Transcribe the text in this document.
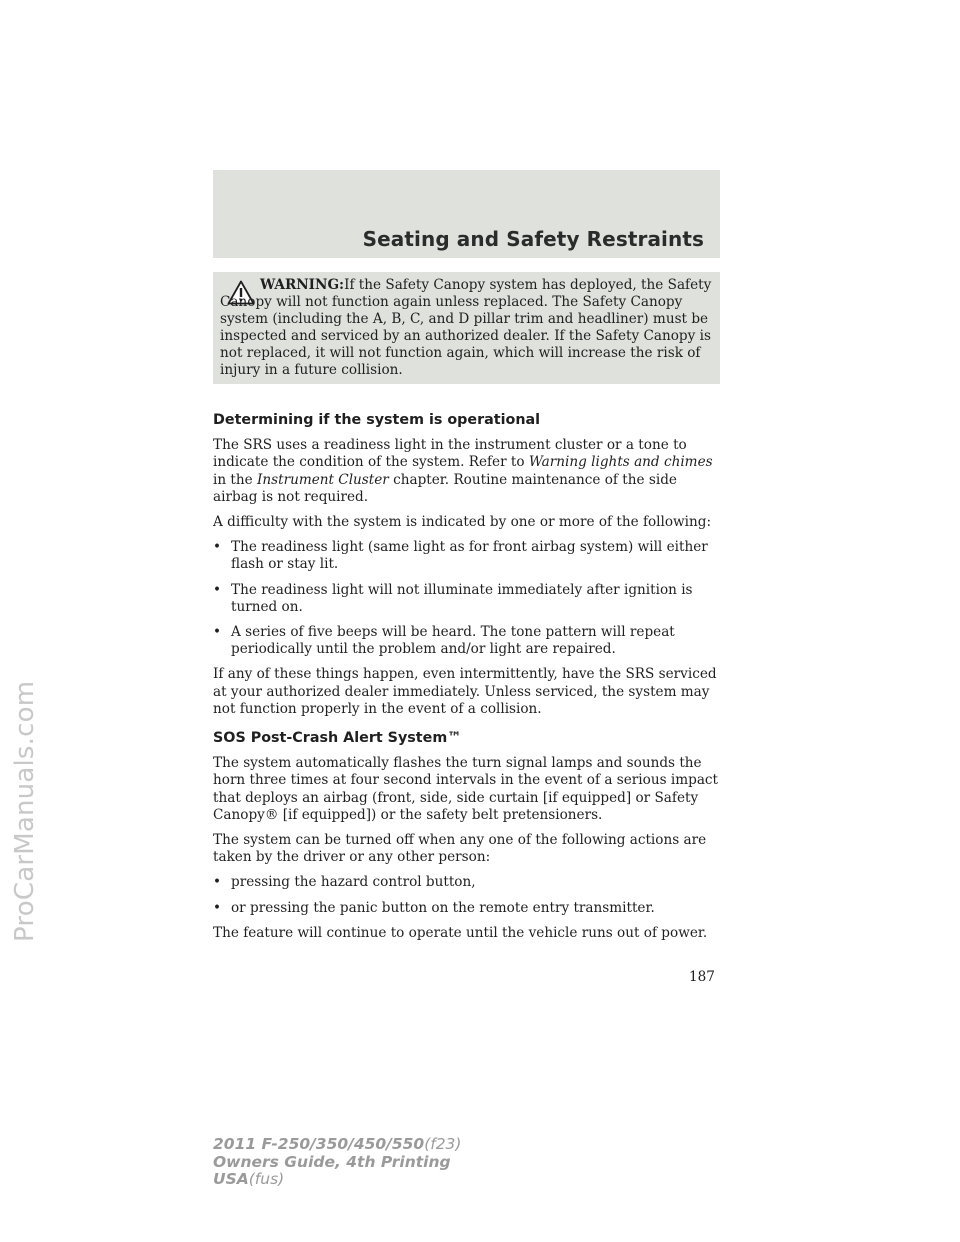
Seating and Safety Restraints
WARNING:If the Safety Canopy system has deployed, the Safety Canopy will not function again unless replaced. The Safety Canopy system (including the A, B, C, and D pillar trim and headliner) must be inspected and serviced by an authorized dealer. If the Safety Canopy is not replaced, it will not function again, which will increase the risk of injury in a future collision.
Determining if the system is operational

The SRS uses a readiness light in the instrument cluster or a tone to indicate the condition of the system. Refer to Warning lights and chimes in the Instrument Cluster chapter. Routine maintenance of the side airbag is not required.

A difficulty with the system is indicated by one or more of the following:

• The readiness light (same light as for front airbag system) will either flash or stay lit.
• The readiness light will not illuminate immediately after ignition is turned on.
• A series of five beeps will be heard. The tone pattern will repeat periodically until the problem and/or light are repaired.

If any of these things happen, even intermittently, have the SRS serviced at your authorized dealer immediately. Unless serviced, the system may not function properly in the event of a collision.

SOS Post-Crash Alert System™

The system automatically flashes the turn signal lamps and sounds the horn three times at four second intervals in the event of a serious impact that deploys an airbag (front, side, side curtain [if equipped] or Safety Canopy® [if equipped]) or the safety belt pretensioners.

The system can be turned off when any one of the following actions are taken by the driver or any other person:

• pressing the hazard control button,
• or pressing the panic button on the remote entry transmitter.

The feature will continue to operate until the vehicle runs out of power.

187
2011 F-250/350/450/550(f23)
Owners Guide, 4th Printing
USA(fus)
ProCarManuals.com
